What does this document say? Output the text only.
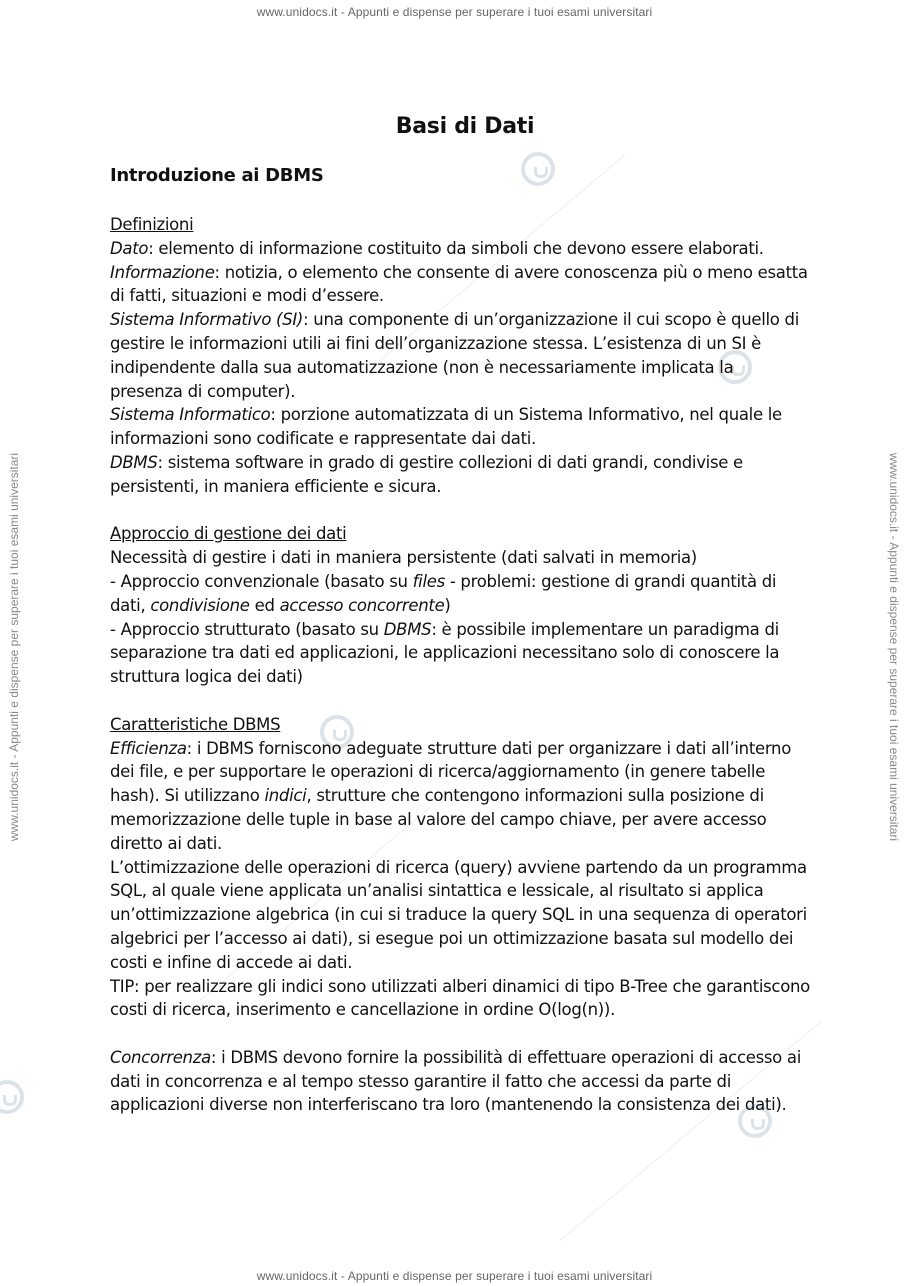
www.unidocs.it - Appunti e dispense per superare i tuoi esami universitari
www.unidocs.it - Appunti e dispense per superare i tuoi esami universitari
www.unidocs.it - Appunti e dispense per superare i tuoi esami universitari	www.unidocs.it - Appunti e dispense per superare i tuoi esami universitari
Basi di Dati
Introduzione ai DBMS

Definizioni

Dato: elemento di informazione costituito da simboli che devono essere elaborati.

Informazione: notizia, o elemento che consente di avere conoscenza più o meno esatta di fatti, situazioni e modi d’essere.

Sistema Informativo (SI): una componente di un’organizzazione il cui scopo è quello di gestire le informazioni utili ai fini dell’organizzazione stessa. L’esistenza di un SI è indipendente dalla sua automatizzazione (non è necessariamente implicata la presenza di computer).

Sistema Informatico: porzione automatizzata di un Sistema Informativo, nel quale le informazioni sono codificate e rappresentate dai dati.

DBMS: sistema software in grado di gestire collezioni di dati grandi, condivise e persistenti, in maniera efficiente e sicura.

Approccio di gestione dei dati

Necessità di gestire i dati in maniera persistente (dati salvati in memoria)

- Approccio convenzionale (basato su files - problemi: gestione di grandi quantità di dati, condivisione ed accesso concorrente)

- Approccio strutturato (basato su DBMS: è possibile implementare un paradigma di separazione tra dati ed applicazioni, le applicazioni necessitano solo di conoscere la struttura logica dei dati)

Caratteristiche DBMS

Efficienza: i DBMS forniscono adeguate strutture dati per organizzare i dati all’interno dei file, e per supportare le operazioni di ricerca/aggiornamento (in genere tabelle hash). Si utilizzano indici, strutture che contengono informazioni sulla posizione di memorizzazione delle tuple in base al valore del campo chiave, per avere accesso diretto ai dati.

L’ottimizzazione delle operazioni di ricerca (query) avviene partendo da un programma SQL, al quale viene applicata un’analisi sintattica e lessicale, al risultato si applica un’ottimizzazione algebrica (in cui si traduce la query SQL in una sequenza di operatori algebrici per l’accesso ai dati), si esegue poi un ottimizzazione basata sul modello dei costi e infine di accede ai dati.

TIP: per realizzare gli indici sono utilizzati alberi dinamici di tipo B-Tree che garantiscono costi di ricerca, inserimento e cancellazione in ordine O(log(n)).

Concorrenza: i DBMS devono fornire la possibilità di effettuare operazioni di accesso ai dati in concorrenza e al tempo stesso garantire il fatto che accessi da parte di applicazioni diverse non interferiscano tra loro (mantenendo la consistenza dei dati).
